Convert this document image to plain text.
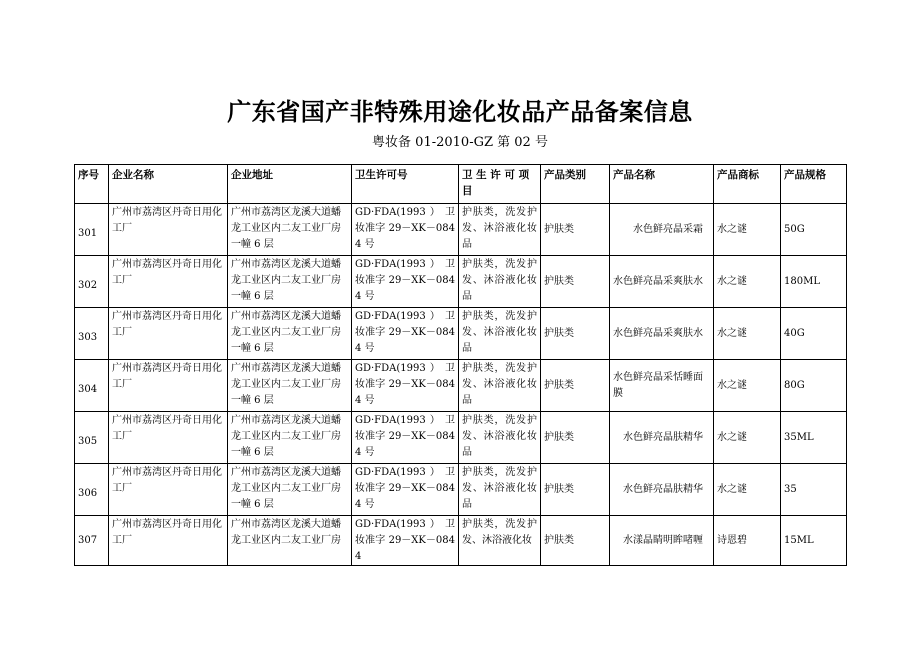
广东省国产非特殊用途化妆品产品备案信息
粤妆备 01-2010-GZ 第 02 号
序号	企业名称	企业地址	卫生许可号	卫 生 许 可 项 目	产品类别	产品名称	产品商标	产品规格
301	广州市荔湾区丹奇日用化工厂	广州市荔湾区龙溪大道蟠龙工业区内二友工业厂房一幢 6 层	GD·FDA(1993 ） 卫 妆准字 29－XK－0844 号	护肤类，洗发护发、沐浴液化妆品	护肤类	水色鲜亮晶采霜	水之谜	50G
302	广州市荔湾区丹奇日用化工厂	广州市荔湾区龙溪大道蟠龙工业区内二友工业厂房一幢 6 层	GD·FDA(1993 ） 卫 妆准字 29－XK－0844 号	护肤类，洗发护发、沐浴液化妆品	护肤类	水色鲜亮晶采爽肤水	水之谜	180ML
303	广州市荔湾区丹奇日用化工厂	广州市荔湾区龙溪大道蟠龙工业区内二友工业厂房一幢 6 层	GD·FDA(1993 ） 卫 妆准字 29－XK－0844 号	护肤类，洗发护发、沐浴液化妆品	护肤类	水色鲜亮晶采爽肤水	水之谜	40G
304	广州市荔湾区丹奇日用化工厂	广州市荔湾区龙溪大道蟠龙工业区内二友工业厂房一幢 6 层	GD·FDA(1993 ） 卫 妆准字 29－XK－0844 号	护肤类，洗发护发、沐浴液化妆品	护肤类	水色鲜亮晶采恬睡面膜	水之谜	80G
305	广州市荔湾区丹奇日用化工厂	广州市荔湾区龙溪大道蟠龙工业区内二友工业厂房一幢 6 层	GD·FDA(1993 ） 卫 妆准字 29－XK－0844 号	护肤类，洗发护发、沐浴液化妆品	护肤类	水色鲜亮晶肤精华	水之谜	35ML
306	广州市荔湾区丹奇日用化工厂	广州市荔湾区龙溪大道蟠龙工业区内二友工业厂房一幢 6 层	GD·FDA(1993 ） 卫 妆准字 29－XK－0844 号	护肤类，洗发护发、沐浴液化妆品	护肤类	水色鲜亮晶肤精华	水之谜	35
307	广州市荔湾区丹奇日用化工厂	广州市荔湾区龙溪大道蟠龙工业区内二友工业厂房	GD·FDA(1993 ） 卫 妆准字 29－XK－0844	护肤类，洗发护发、沐浴液化妆	护肤类	水漾晶睛明眸啫喱	诗恩碧	15ML
